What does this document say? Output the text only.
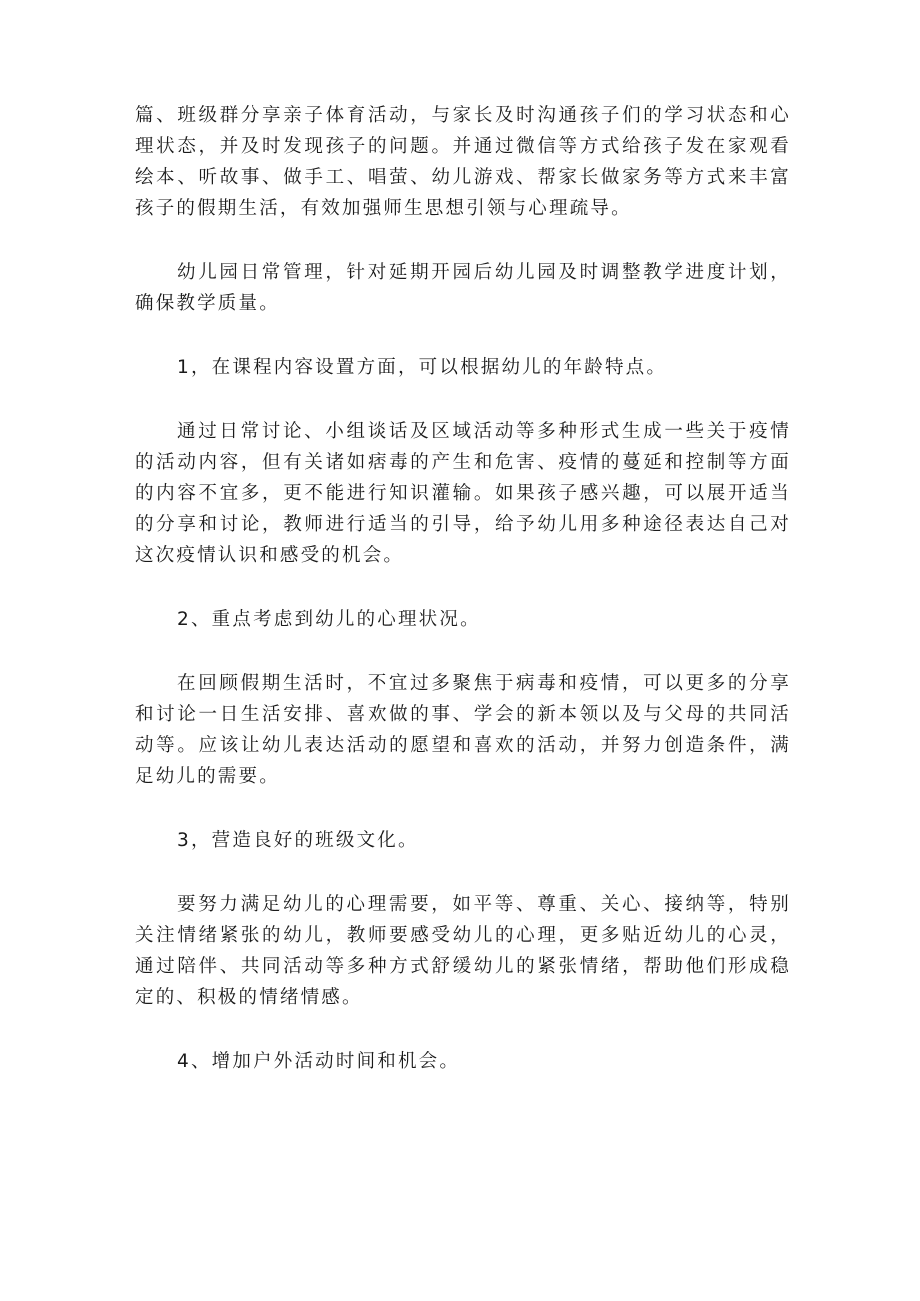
篇、班级群分享亲子体育活动，与家长及时沟通孩子们的学习状态和心理状态，并及时发现孩子的问题。并通过微信等方式给孩子发在家观看绘本、听故事、做手工、唱萤、幼儿游戏、帮家长做家务等方式来丰富孩子的假期生活，有效加强师生思想引领与心理疏导。

幼儿园日常管理，针对延期开园后幼儿园及时调整教学进度计划，确保教学质量。

1，在课程内容设置方面，可以根据幼儿的年龄特点。

通过日常讨论、小组谈话及区域活动等多种形式生成一些关于疫情的活动内容，但有关诸如痞毒的产生和危害、疫情的蔓延和控制等方面的内容不宜多，更不能进行知识灌输。如果孩子感兴趣，可以展开适当的分享和讨论，教师进行适当的引导，给予幼儿用多种途径表达自己对这次疫情认识和感受的机会。

2、重点考虑到幼儿的心理状况。

在回顾假期生活时，不宜过多聚焦于病毒和疫情，可以更多的分享和讨论一日生活安排、喜欢做的事、学会的新本领以及与父母的共同活动等。应该让幼儿表达活动的愿望和喜欢的活动，并努力创造条件，满足幼儿的需要。

3，营造良好的班级文化。

要努力满足幼儿的心理需要，如平等、尊重、关心、接纳等，特别关注情绪紧张的幼儿，教师要感受幼儿的心理，更多贴近幼儿的心灵，通过陪伴、共同活动等多种方式舒缓幼儿的紧张情绪，帮助他们形成稳定的、积极的情绪情感。

4、增加户外活动时间和机会。
